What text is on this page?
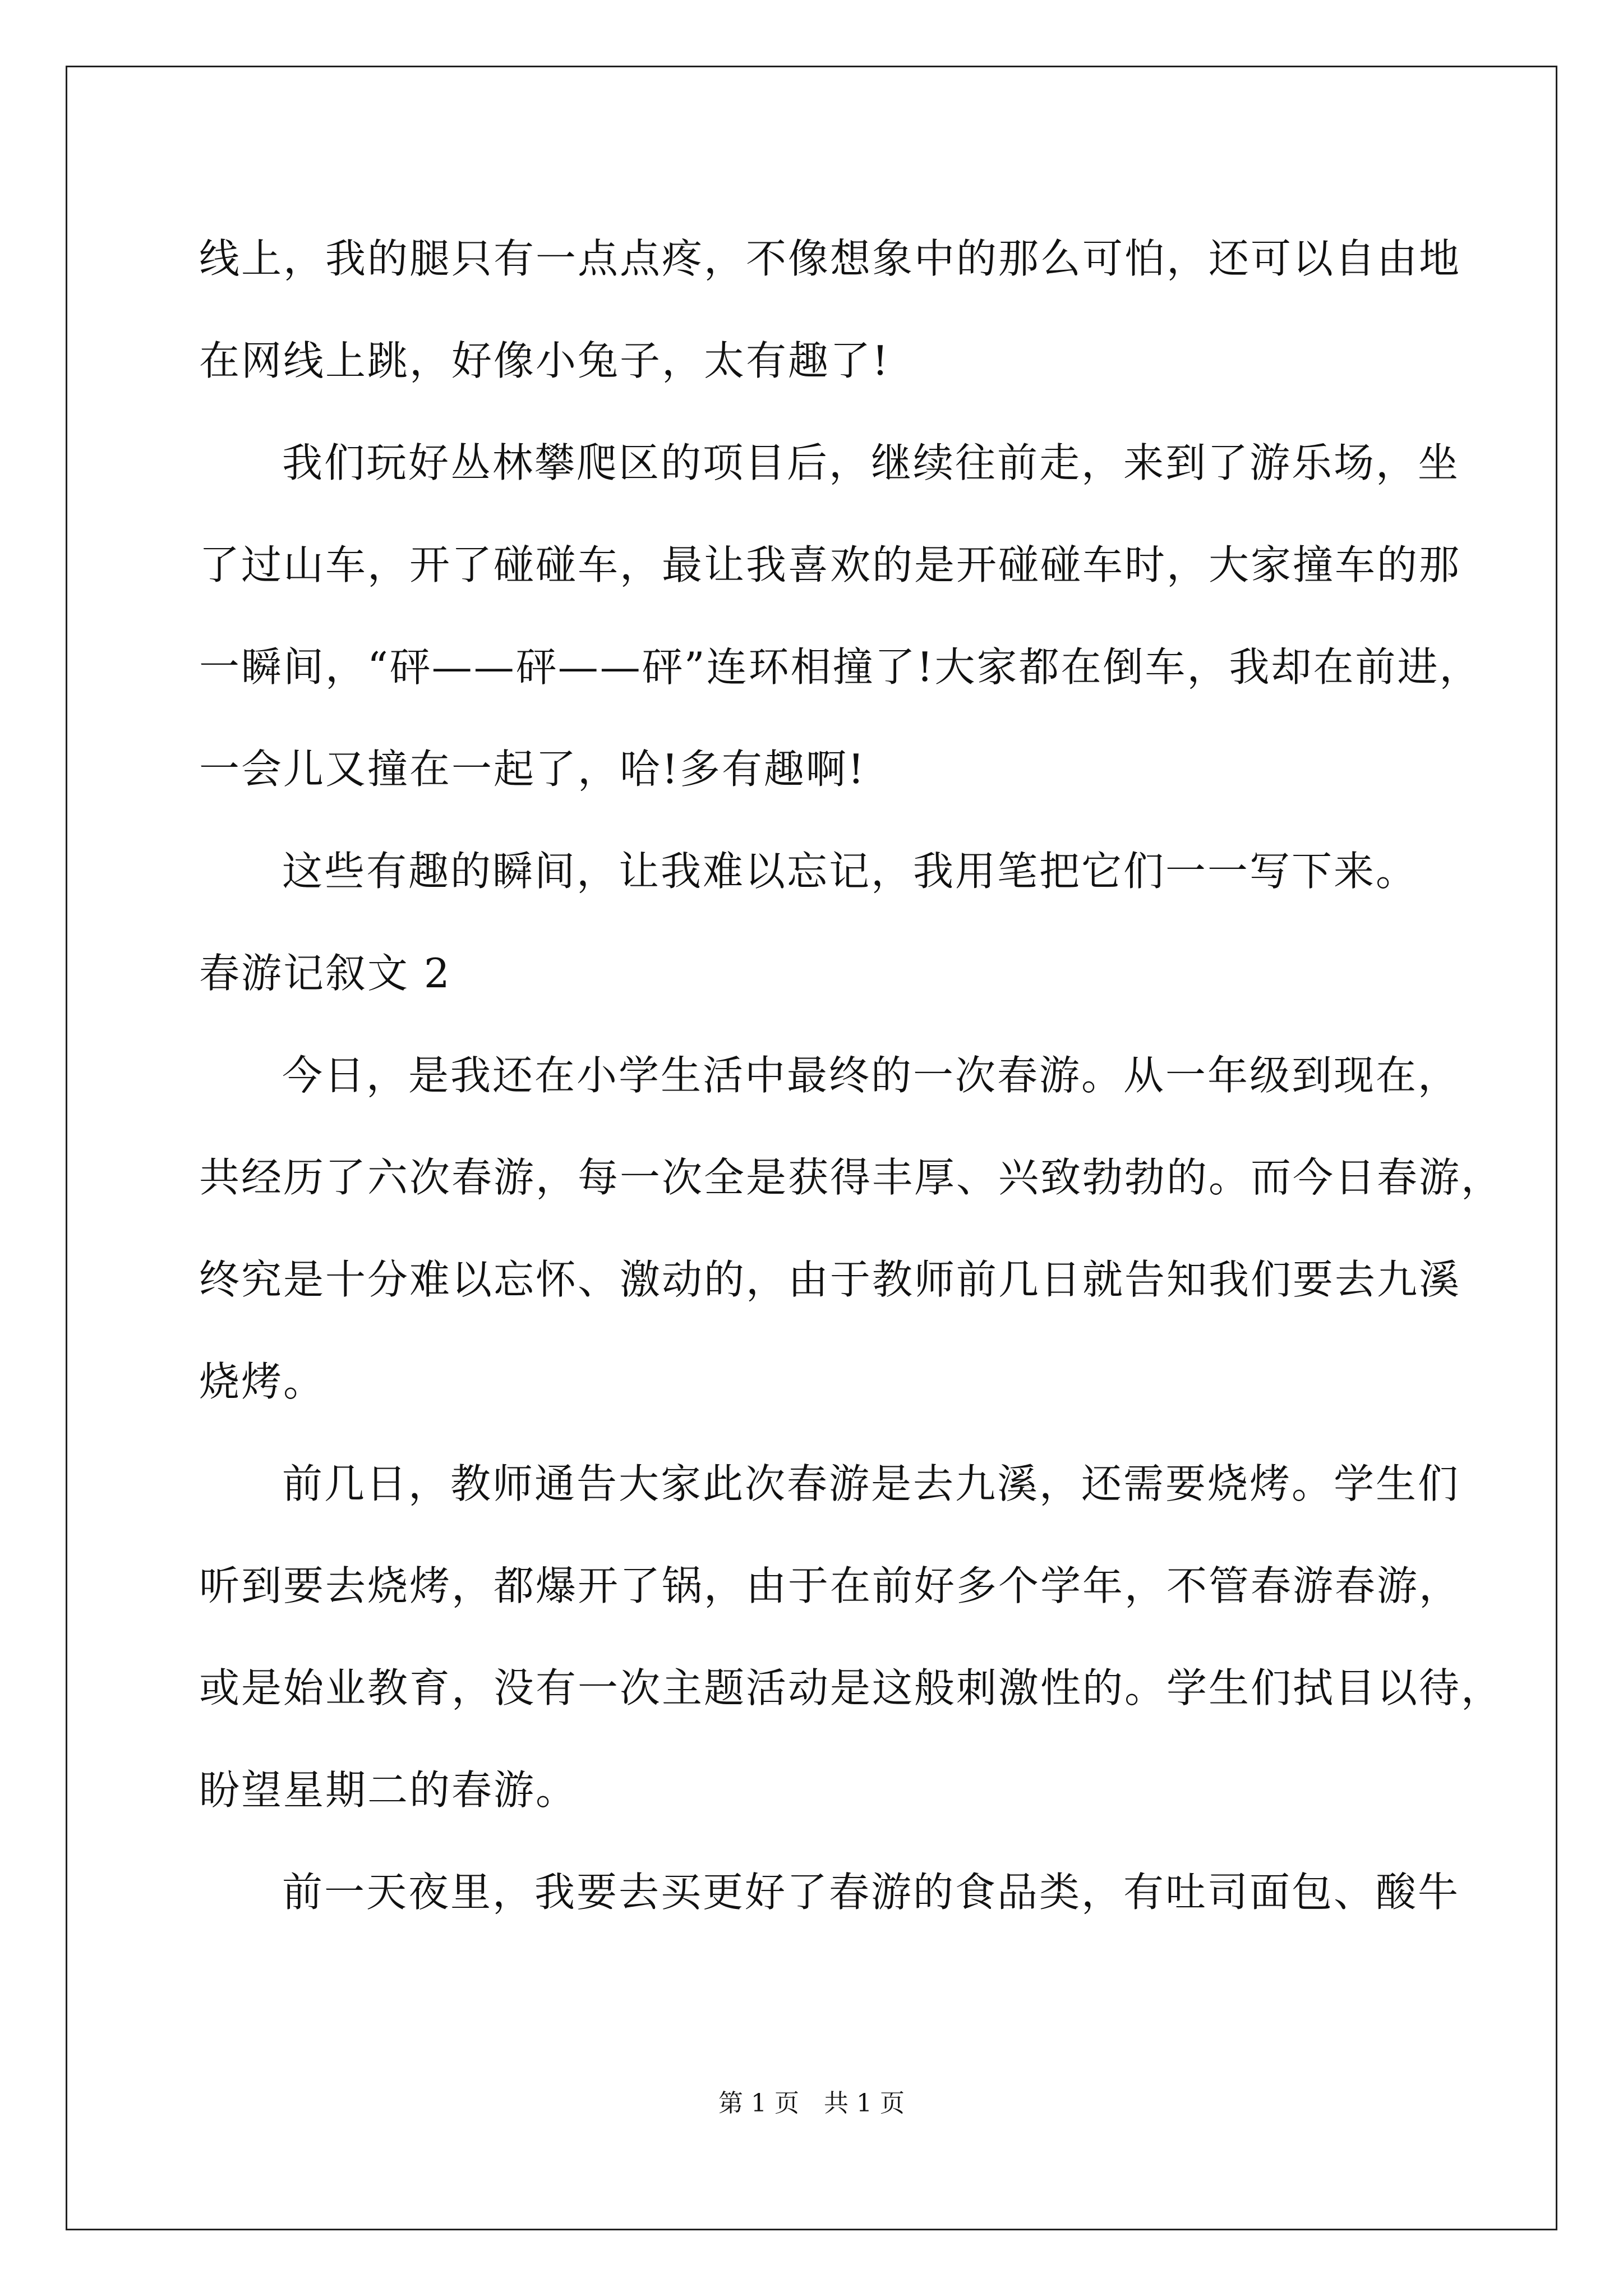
线上，我的腿只有一点点疼，不像想象中的那么可怕，还可以自由地
在网线上跳，好像小兔子，太有趣了!
我们玩好丛林攀爬区的项目后，继续往前走，来到了游乐场，坐
了过山车，开了碰碰车，最让我喜欢的是开碰碰车时，大家撞车的那
一瞬间，“砰——砰——砰”连环相撞了!大家都在倒车，我却在前进，
一会儿又撞在一起了，哈!多有趣啊!
这些有趣的瞬间，让我难以忘记，我用笔把它们一一写下来。
春游记叙文 2
今日，是我还在小学生活中最终的一次春游。从一年级到现在，
共经历了六次春游，每一次全是获得丰厚、兴致勃勃的。而今日春游，
终究是十分难以忘怀、激动的，由于教师前几日就告知我们要去九溪
烧烤。
前几日，教师通告大家此次春游是去九溪，还需要烧烤。学生们
听到要去烧烤，都爆开了锅，由于在前好多个学年，不管春游春游，
或是始业教育，没有一次主题活动是这般刺激性的。学生们拭目以待，
盼望星期二的春游。
前一天夜里，我要去买更好了春游的食品类，有吐司面包、酸牛
第 1 页　共 1 页
